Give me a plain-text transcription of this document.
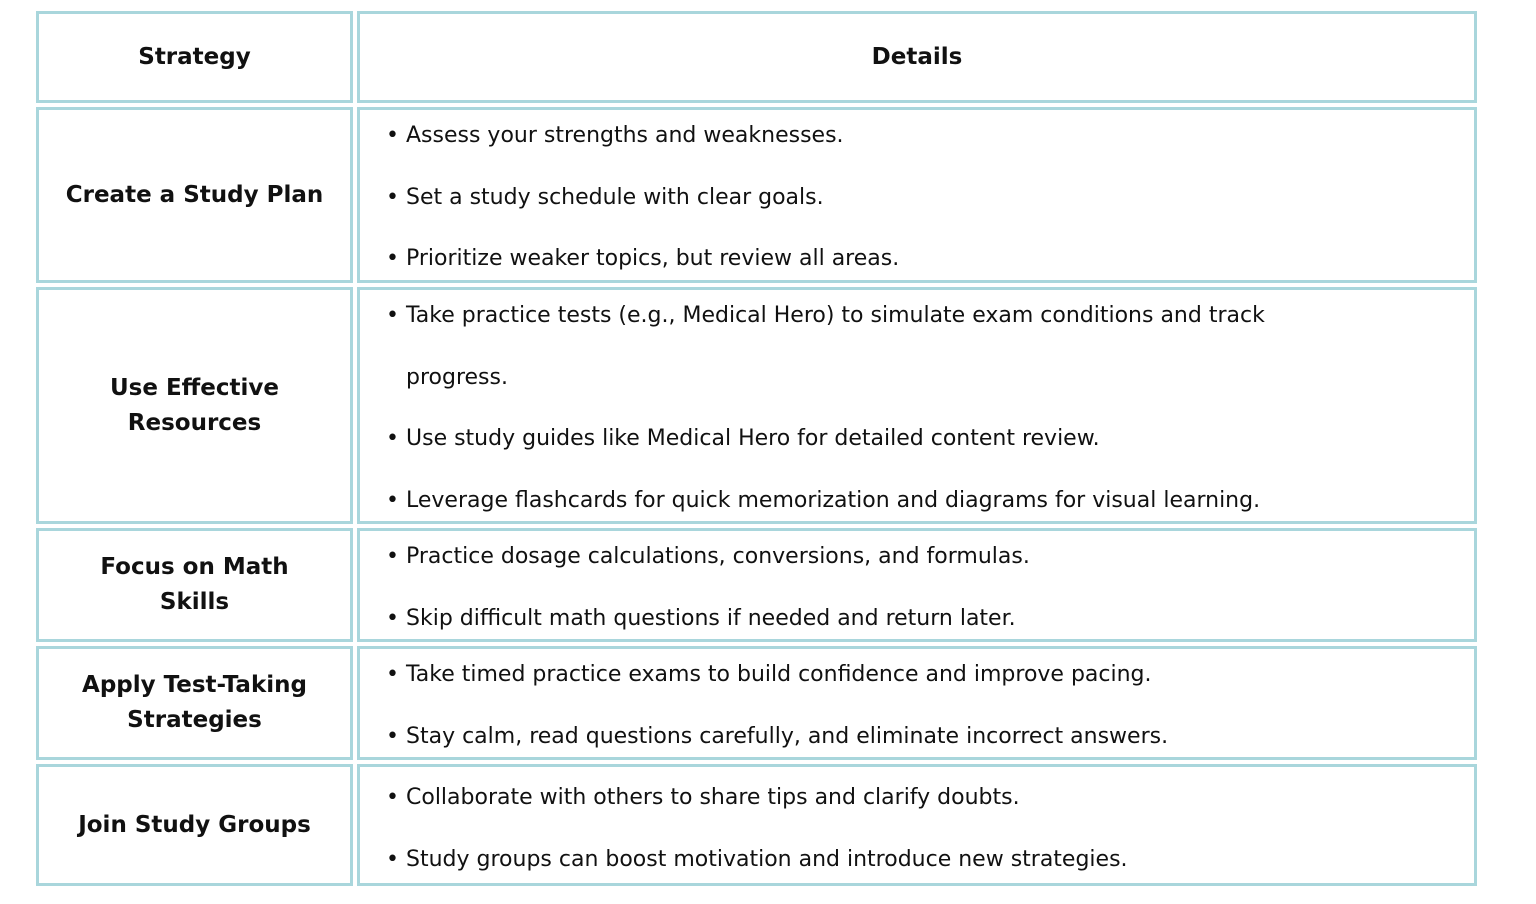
Strategy	Details
Create a Study Plan
• Assess your strengths and weaknesses.
• Set a study schedule with clear goals.
• Prioritize weaker topics, but review all areas.
Use Effective Resources
• Take practice tests (e.g., Medical Hero) to simulate exam conditions and track
progress.
• Use study guides like Medical Hero for detailed content review.
• Leverage flashcards for quick memorization and diagrams for visual learning.
Focus on Math Skills
• Practice dosage calculations, conversions, and formulas.
• Skip difficult math questions if needed and return later.
Apply Test-Taking Strategies
• Take timed practice exams to build confidence and improve pacing.
• Stay calm, read questions carefully, and eliminate incorrect answers.
Join Study Groups
• Collaborate with others to share tips and clarify doubts.
• Study groups can boost motivation and introduce new strategies.
